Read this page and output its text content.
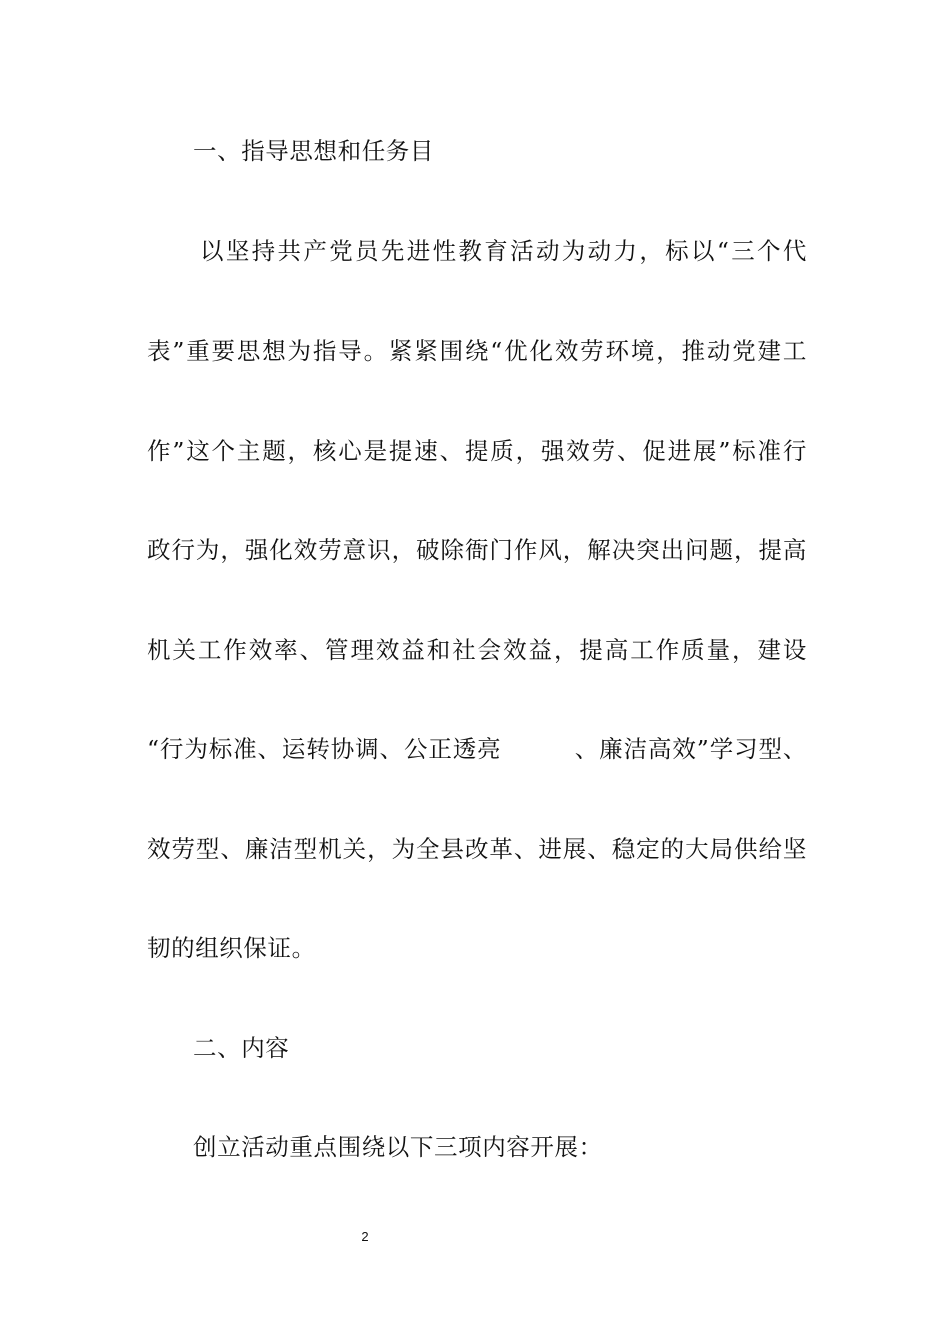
一、指导思想和任务目
以坚持共产党员先进性教育活动为动力，标以“三个代
表”重要思想为指导。紧紧围绕“优化效劳环境，推动党建工
作”这个主题，核心是提速、提质，强效劳、促进展”标准行
政行为，强化效劳意识，破除衙门作风，解决突出问题，提高
机关工作效率、管理效益和社会效益，提高工作质量，建设
“行为标准、运转协调、公正透亮　　　、廉洁高效”学习型、
效劳型、廉洁型机关，为全县改革、进展、稳定的大局供给坚
韧的组织保证。
二、内容
创立活动重点围绕以下三项内容开展：
2
